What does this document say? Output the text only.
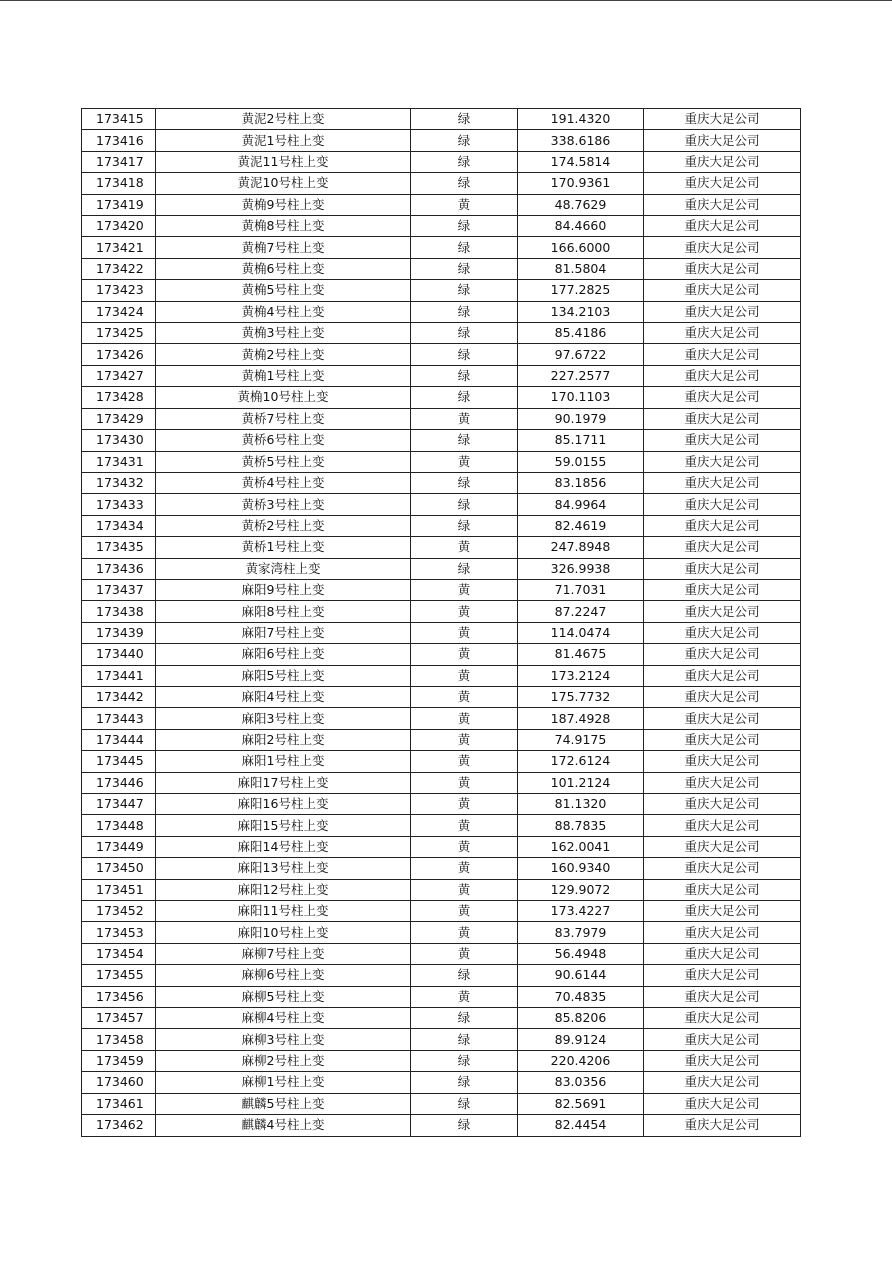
173415	黄泥2号柱上变	绿	191.4320	重庆大足公司
173416	黄泥1号柱上变	绿	338.6186	重庆大足公司
173417	黄泥11号柱上变	绿	174.5814	重庆大足公司
173418	黄泥10号柱上变	绿	170.9361	重庆大足公司
173419	黄桷9号柱上变	黄	48.7629	重庆大足公司
173420	黄桷8号柱上变	绿	84.4660	重庆大足公司
173421	黄桷7号柱上变	绿	166.6000	重庆大足公司
173422	黄桷6号柱上变	绿	81.5804	重庆大足公司
173423	黄桷5号柱上变	绿	177.2825	重庆大足公司
173424	黄桷4号柱上变	绿	134.2103	重庆大足公司
173425	黄桷3号柱上变	绿	85.4186	重庆大足公司
173426	黄桷2号柱上变	绿	97.6722	重庆大足公司
173427	黄桷1号柱上变	绿	227.2577	重庆大足公司
173428	黄桷10号柱上变	绿	170.1103	重庆大足公司
173429	黄桥7号柱上变	黄	90.1979	重庆大足公司
173430	黄桥6号柱上变	绿	85.1711	重庆大足公司
173431	黄桥5号柱上变	黄	59.0155	重庆大足公司
173432	黄桥4号柱上变	绿	83.1856	重庆大足公司
173433	黄桥3号柱上变	绿	84.9964	重庆大足公司
173434	黄桥2号柱上变	绿	82.4619	重庆大足公司
173435	黄桥1号柱上变	黄	247.8948	重庆大足公司
173436	黄家湾柱上变	绿	326.9938	重庆大足公司
173437	麻阳9号柱上变	黄	71.7031	重庆大足公司
173438	麻阳8号柱上变	黄	87.2247	重庆大足公司
173439	麻阳7号柱上变	黄	114.0474	重庆大足公司
173440	麻阳6号柱上变	黄	81.4675	重庆大足公司
173441	麻阳5号柱上变	黄	173.2124	重庆大足公司
173442	麻阳4号柱上变	黄	175.7732	重庆大足公司
173443	麻阳3号柱上变	黄	187.4928	重庆大足公司
173444	麻阳2号柱上变	黄	74.9175	重庆大足公司
173445	麻阳1号柱上变	黄	172.6124	重庆大足公司
173446	麻阳17号柱上变	黄	101.2124	重庆大足公司
173447	麻阳16号柱上变	黄	81.1320	重庆大足公司
173448	麻阳15号柱上变	黄	88.7835	重庆大足公司
173449	麻阳14号柱上变	黄	162.0041	重庆大足公司
173450	麻阳13号柱上变	黄	160.9340	重庆大足公司
173451	麻阳12号柱上变	黄	129.9072	重庆大足公司
173452	麻阳11号柱上变	黄	173.4227	重庆大足公司
173453	麻阳10号柱上变	黄	83.7979	重庆大足公司
173454	麻柳7号柱上变	黄	56.4948	重庆大足公司
173455	麻柳6号柱上变	绿	90.6144	重庆大足公司
173456	麻柳5号柱上变	黄	70.4835	重庆大足公司
173457	麻柳4号柱上变	绿	85.8206	重庆大足公司
173458	麻柳3号柱上变	绿	89.9124	重庆大足公司
173459	麻柳2号柱上变	绿	220.4206	重庆大足公司
173460	麻柳1号柱上变	绿	83.0356	重庆大足公司
173461	麒麟5号柱上变	绿	82.5691	重庆大足公司
173462	麒麟4号柱上变	绿	82.4454	重庆大足公司
